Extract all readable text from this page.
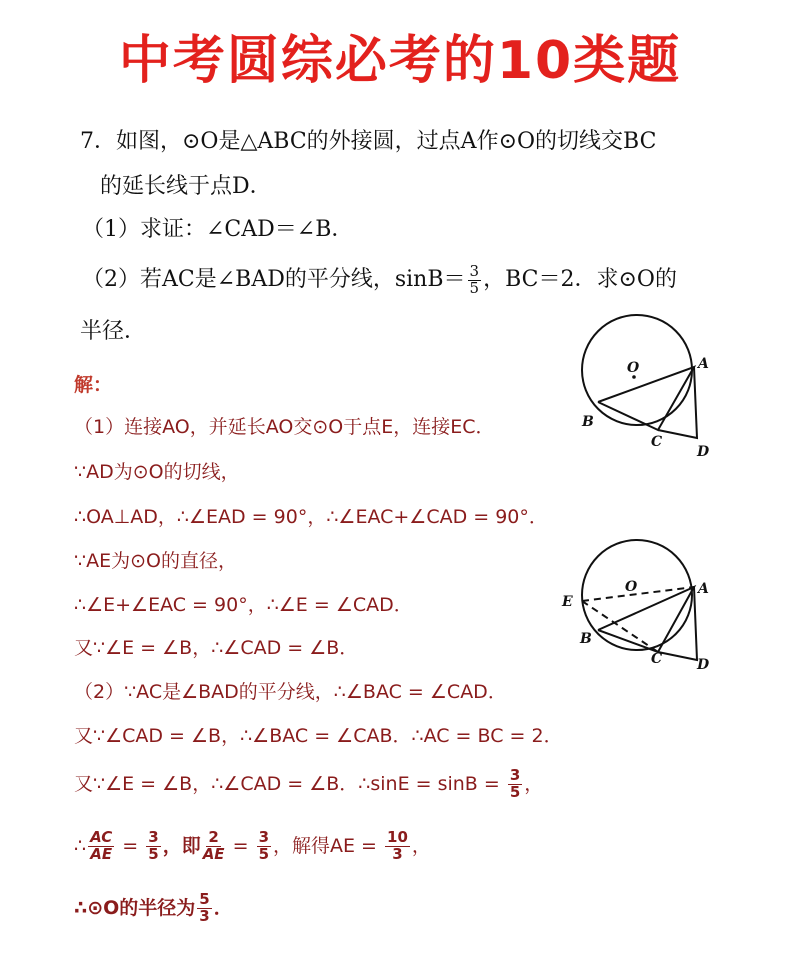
中考圆综必考的10类题
7．如图，⊙O是△ABC的外接圆，过点A作⊙O的切线交BC
的延长线于点D．
（1）求证：∠CAD＝∠B．
（2）若AC是∠BAD的平分线，$\sin B= \frac{3}{5}$ ，BC＝2．求⊙O的
半径．
解：
（1）连接AO，并延长AO交⊙O于点E，连接EC．
∵AD为⊙O的切线，
∴OA⊥AD，∴∠EAD = 90°，∴∠EAC+∠CAD = 90°．
∵AE为⊙O的直径，
∴∠E+∠EAC = 90°，∴∠E = ∠CAD．
又∵∠E = ∠B，∴∠CAD = ∠B．
（2）∵AC是∠BAD的平分线，∴∠BAC = ∠CAD．
又∵∠CAD = ∠B，∴∠BAC = ∠CAB．∴AC = BC = 2．
又∵∠E = ∠B，∴∠CAD = ∠B．∴sinE = $\sin B = \frac{3}{5}$ ，
∴ $\frac{AC}{AE} = \frac{3}{5}$ ，即 $\frac{2}{AE} = \frac{3}{5}$ ，解得AE = $\frac{10}{3}$ ，
∴⊙O的半径为 $\frac{5}{3}$ ．
O	A
B
C
D
O	A
E
B
C D
